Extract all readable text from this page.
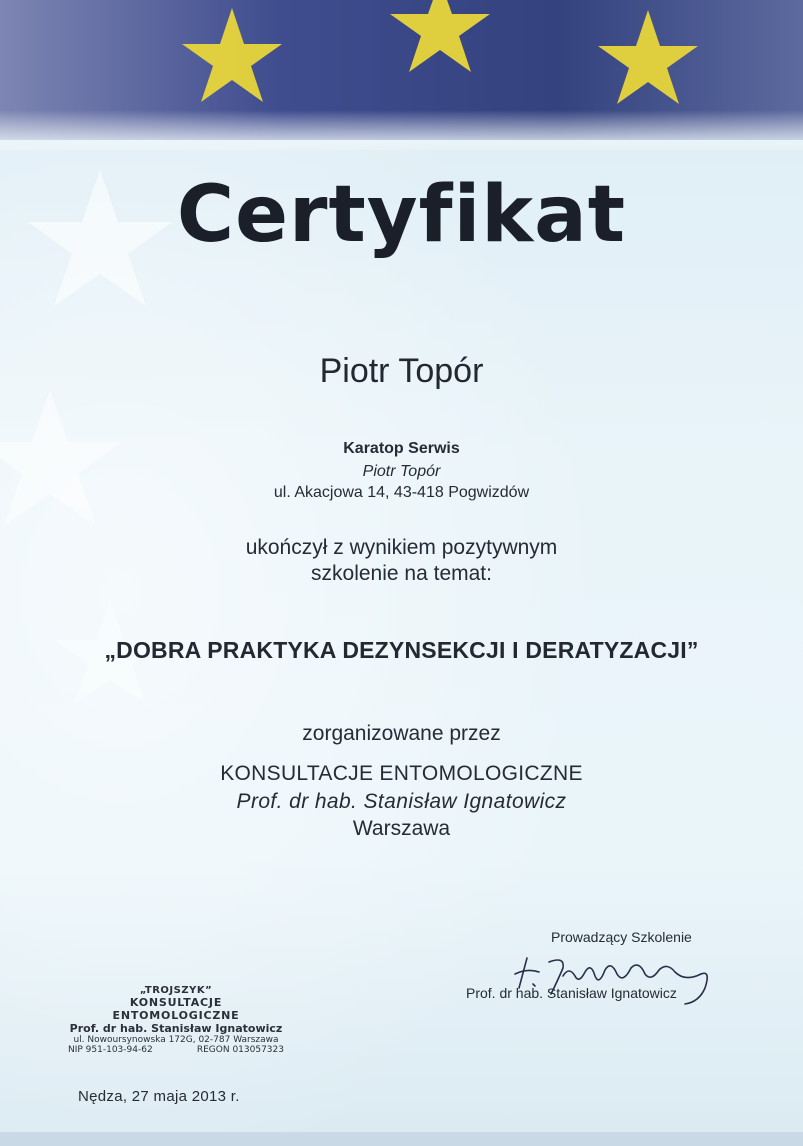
Certyfikat
Piotr Topór
Karatop Serwis
Piotr Topór
ul. Akacjowa 14, 43-418 Pogwizdów
ukończył z wynikiem pozytywnym
szkolenie na temat:
„DOBRA PRAKTYKA DEZYNSEKCJI I DERATYZACJI”
zorganizowane przez
KONSULTACJE ENTOMOLOGICZNE
Prof. dr hab. Stanisław Ignatowicz
Warszawa
Prowadzący Szkolenie
Prof. dr hab. Stanisław Ignatowicz
„TROJSZYK”
KONSULTACJE ENTOMOLOGICZNE
Prof. dr hab. Stanisław Ignatowicz
ul. Nowoursynowska 172G, 02-787 Warszawa
NIP 951-103-94-62	REGON 013057323
Nędza, 27 maja 2013 r.
